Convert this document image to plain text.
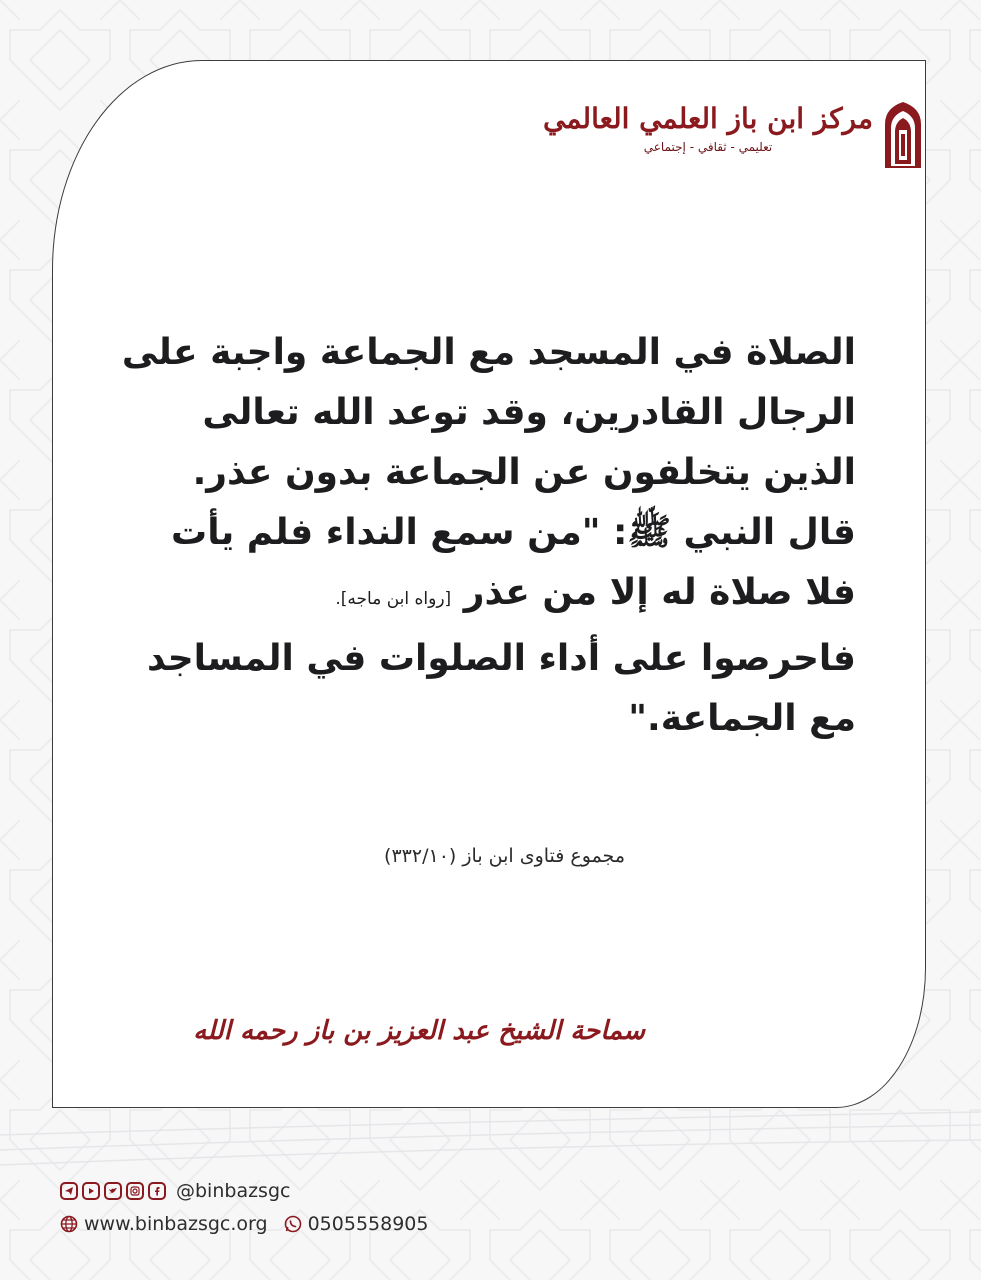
مركز ابن باز العلمي العالمي
تعليمي - ثقافي - إجتماعي

الصلاة في المسجد مع الجماعة واجبة على الرجال القادرين، وقد توعد الله تعالى الذين يتخلفون عن الجماعة بدون عذر. قال النبي ﷺ: "من سمع النداء فلم يأت فلا صلاة له إلا من عذر [رواه ابن ماجه].

فاحرصوا على أداء الصلوات في المساجد مع الجماعة."

مجموع فتاوى ابن باز (٣٣٢/١٠)
سماحة الشيخ عبد العزيز بن باز رحمه الله
@binbazsgc
www.binbazsgc.org 0505558905
